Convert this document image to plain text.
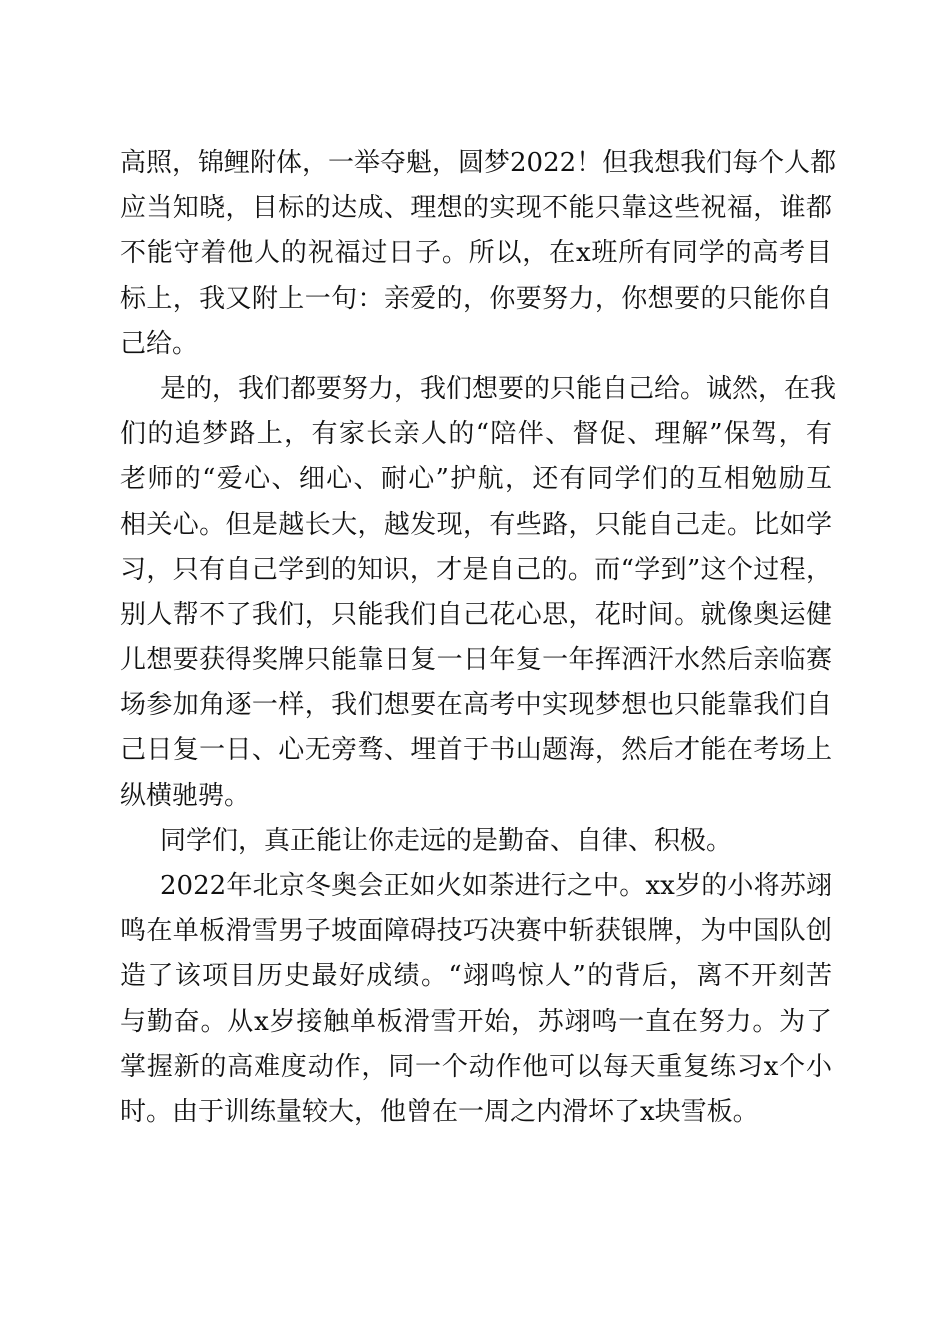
高照，锦鲤附体，一举夺魁，圆梦2022！但我想我们每个人都
应当知晓，目标的达成、理想的实现不能只靠这些祝福，谁都
不能守着他人的祝福过日子。所以，在x班所有同学的高考目
标上，我又附上一句：亲爱的，你要努力，你想要的只能你自
己给。
是的，我们都要努力，我们想要的只能自己给。诚然，在我
们的追梦路上，有家长亲人的“陪伴、督促、理解”保驾，有
老师的“爱心、细心、耐心”护航，还有同学们的互相勉励互
相关心。但是越长大，越发现，有些路，只能自己走。比如学
习，只有自己学到的知识，才是自己的。而“学到”这个过程，
别人帮不了我们，只能我们自己花心思，花时间。就像奥运健
儿想要获得奖牌只能靠日复一日年复一年挥洒汗水然后亲临赛
场参加角逐一样，我们想要在高考中实现梦想也只能靠我们自
己日复一日、心无旁骛、埋首于书山题海，然后才能在考场上
纵横驰骋。
同学们，真正能让你走远的是勤奋、自律、积极。
2022年北京冬奥会正如火如荼进行之中。xx岁的小将苏翊
鸣在单板滑雪男子坡面障碍技巧决赛中斩获银牌，为中国队创
造了该项目历史最好成绩。“翊鸣惊人”的背后，离不开刻苦
与勤奋。从x岁接触单板滑雪开始，苏翊鸣一直在努力。为了
掌握新的高难度动作，同一个动作他可以每天重复练习x个小
时。由于训练量较大，他曾在一周之内滑坏了x块雪板。
